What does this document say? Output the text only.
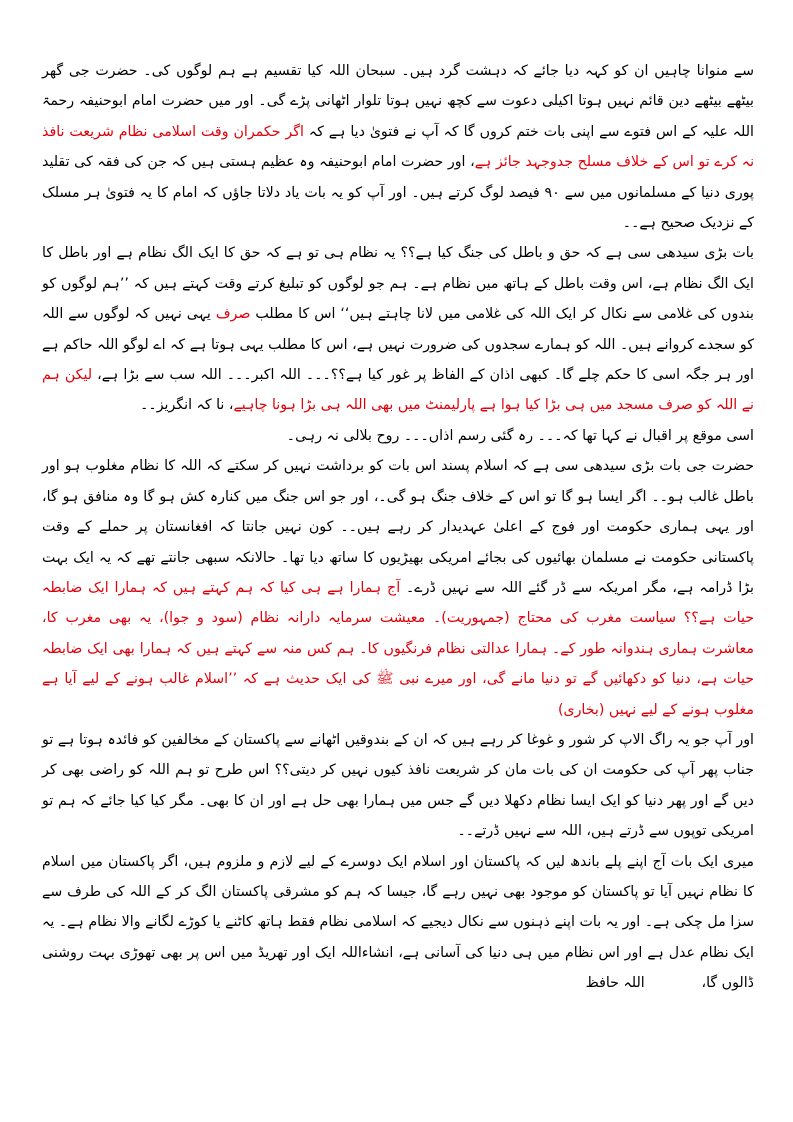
سے منوانا چاہیں ان کو کہہ دیا جائے کہ دہشت گرد ہیں۔ سبحان اللہ کیا تقسیم ہے ہم لوگوں کی۔ حضرت جی گھر بیٹھے بیٹھے دین قائم نہیں ہوتا اکیلی دعوت سے کچھ نہیں ہوتا تلوار اٹھانی پڑے گی۔ اور میں حضرت امام ابوحنیفہ رحمۃ اللہ علیہ کے اس فتوے سے اپنی بات ختم کروں گا کہ آپ نے فتویٰ دیا ہے کہ اگر حکمران وقت اسلامی نظام شریعت نافذ نہ کرے تو اس کے خلاف مسلح جدوجہد جائز ہے، اور حضرت امام ابوحنیفہ وہ عظیم ہستی ہیں کہ جن کی فقہ کی تقلید پوری دنیا کے مسلمانوں میں سے ۹۰ فیصد لوگ کرتے ہیں۔ اور آپ کو یہ بات یاد دلاتا جاؤں کہ امام کا یہ فتویٰ ہر مسلک کے نزدیک صحیح ہے۔۔

بات بڑی سیدھی سی ہے کہ حق و باطل کی جنگ کیا ہے؟؟ یہ نظام ہی تو ہے کہ حق کا ایک الگ نظام ہے اور باطل کا ایک الگ نظام ہے، اس وقت باطل کے ہاتھ میں نظام ہے۔ ہم جو لوگوں کو تبلیغ کرتے وقت کہتے ہیں کہ ’’ہم لوگوں کو بندوں کی غلامی سے نکال کر ایک اللہ کی غلامی میں لانا چاہتے ہیں‘‘ اس کا مطلب صرف یہی نہیں کہ لوگوں سے اللہ کو سجدے کروانے ہیں۔ اللہ کو ہمارے سجدوں کی ضرورت نہیں ہے، اس کا مطلب یہی ہوتا ہے کہ اے لوگو اللہ حاکم ہے اور ہر جگہ اسی کا حکم چلے گا۔ کبھی اذان کے الفاظ پر غور کیا ہے؟؟۔۔۔ اللہ اکبر۔۔۔ اللہ سب سے بڑا ہے، لیکن ہم نے اللہ کو صرف مسجد میں ہی بڑا کیا ہوا ہے پارلیمنٹ میں بھی اللہ ہی بڑا ہونا چاہیے، نا کہ انگریز۔۔

اسی موقع پر اقبال نے کہا تھا کہ۔۔۔ رہ گئی رسم اذاں۔۔۔ روح بلالی نہ رہی۔

حضرت جی بات بڑی سیدھی سی ہے کہ اسلام پسند اس بات کو برداشت نہیں کر سکتے کہ اللہ کا نظام مغلوب ہو اور باطل غالب ہو۔۔ اگر ایسا ہو گا تو اس کے خلاف جنگ ہو گی۔، اور جو اس جنگ میں کنارہ کش ہو گا وہ منافق ہو گا، اور یہی ہماری حکومت اور فوج کے اعلیٰ عہدیدار کر رہے ہیں۔۔ کون نہیں جانتا کہ افغانستان پر حملے کے وقت پاکستانی حکومت نے مسلمان بھائیوں کی بجائے امریکی بھیڑیوں کا ساتھ دیا تھا۔ حالانکہ سبھی جانتے تھے کہ یہ ایک بہت بڑا ڈرامہ ہے، مگر امریکہ سے ڈر گئے اللہ سے نہیں ڈرے۔ آج ہمارا ہے ہی کیا کہ ہم کہتے ہیں کہ ہمارا ایک ضابطہ حیات ہے؟؟ سیاست مغرب کی محتاج (جمہوریت)۔ معیشت سرمایہ دارانہ نظام (سود و جوا)، یہ بھی مغرب کا، معاشرت ہماری ہندوانہ طور کے۔ ہمارا عدالتی نظام فرنگیوں کا۔ ہم کس منہ سے کہتے ہیں کہ ہمارا بھی ایک ضابطہ حیات ہے، دنیا کو دکھائیں گے تو دنیا مانے گی، اور میرے نبی ﷺ کی ایک حدیث ہے کہ ’’اسلام غالب ہونے کے لیے آیا ہے مغلوب ہونے کے لیے نہیں (بخاری)

اور آپ جو یہ راگ الاپ کر شور و غوغا کر رہے ہیں کہ ان کے بندوقیں اٹھانے سے پاکستان کے مخالفین کو فائدہ ہوتا ہے تو جناب پھر آپ کی حکومت ان کی بات مان کر شریعت نافذ کیوں نہیں کر دیتی؟؟ اس طرح تو ہم اللہ کو راضی بھی کر دیں گے اور پھر دنیا کو ایک ایسا نظام دکھلا دیں گے جس میں ہمارا بھی حل ہے اور ان کا بھی۔ مگر کیا کیا جائے کہ ہم تو امریکی توپوں سے ڈرتے ہیں، اللہ سے نہیں ڈرتے۔۔

میری ایک بات آج اپنے پلے باندھ لیں کہ پاکستان اور اسلام ایک دوسرے کے لیے لازم و ملزوم ہیں، اگر پاکستان میں اسلام کا نظام نہیں آیا تو پاکستان کو موجود بھی نہیں رہے گا، جیسا کہ ہم کو مشرقی پاکستان الگ کر کے اللہ کی طرف سے سزا مل چکی ہے۔ اور یہ بات اپنے ذہنوں سے نکال دیجیے کہ اسلامی نظام فقط ہاتھ کاٹنے یا کوڑے لگانے والا نظام ہے۔ یہ ایک نظام عدل ہے اور اس نظام میں ہی دنیا کی آسانی ہے، انشاءاللہ ایک اور تھریڈ میں اس پر بھی تھوڑی بہت روشنی ڈالوں گا،    اللہ حافظ
